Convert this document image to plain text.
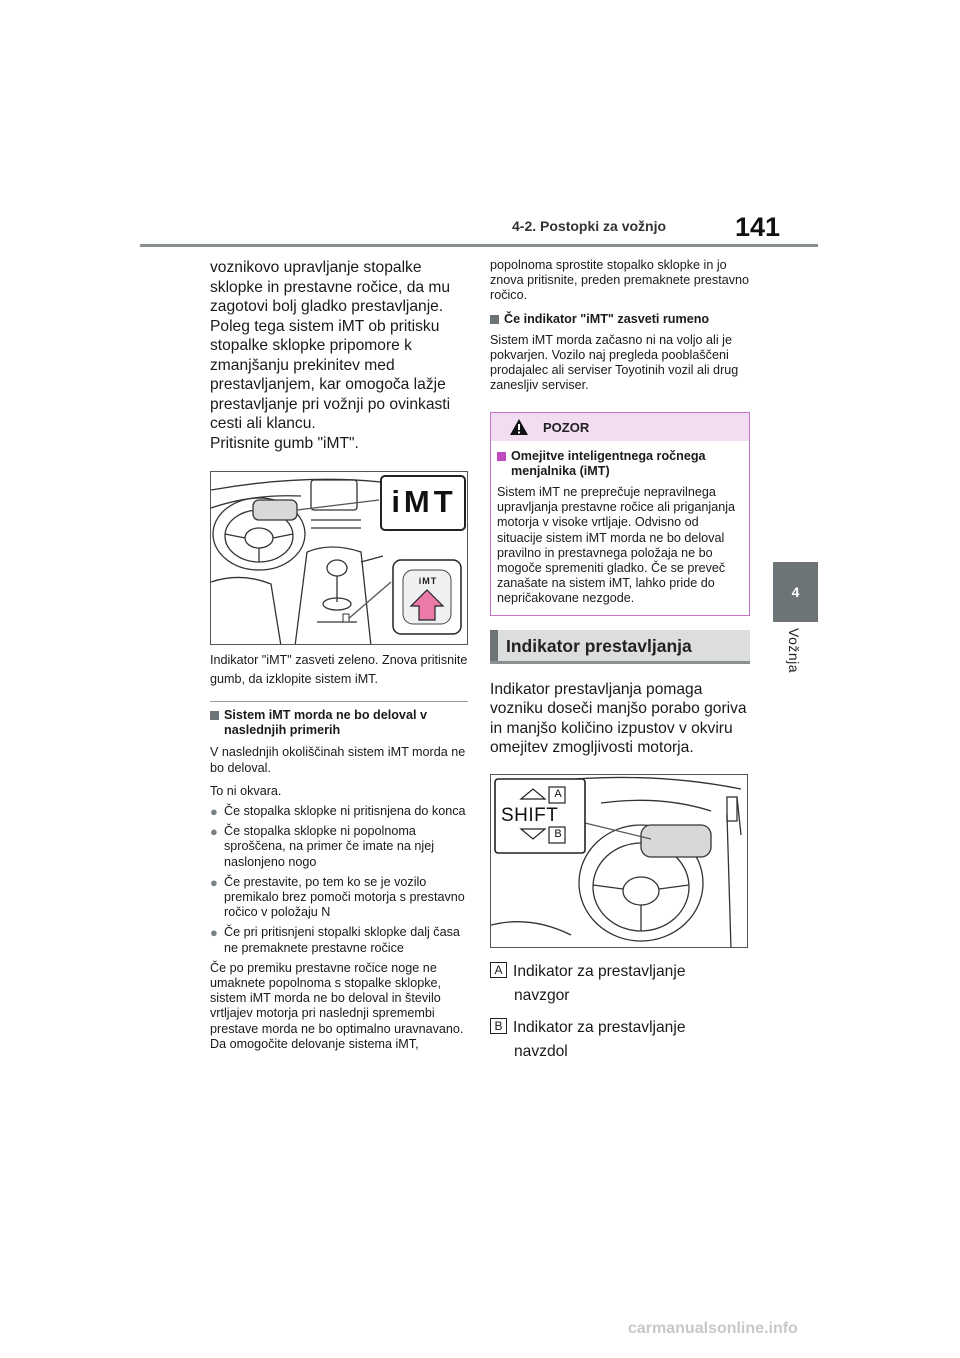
4-2. Postopki za vožnjo	141
4
Vožnja

voznikovo upravljanje stopalke sklopke in prestavne ročice, da mu zagotovi bolj gladko prestavljanje. Poleg tega sistem iMT ob pritisku stopalke sklopke pripomore k zmanjšanju prekinitev med prestavljanjem, kar omogoča lažje prestavljanje pri vožnji po ovinkasti cesti ali klancu.

Pritisnite gumb "iMT".

iMT
iMT

Indikator "iMT" zasveti zeleno. Znova pritisnite gumb, da izklopite sistem iMT.

Sistem iMT morda ne bo deloval v naslednjih primerih

V naslednjih okoliščinah sistem iMT morda ne bo deloval.

To ni okvara.

● Če stopalka sklopke ni pritisnjena do konca
● Če stopalka sklopke ni popolnoma sproščena, na primer če imate na njej naslonjeno nogo
● Če prestavite, po tem ko se je vozilo premikalo brez pomoči motorja s prestavno ročico v položaju N
● Če pri pritisnjeni stopalki sklopke dalj časa ne premaknete prestavne ročice

Če po premiku prestavne ročice noge ne umaknete popolnoma s stopalke sklopke, sistem iMT morda ne bo deloval in število vrtljajev motorja pri naslednji spremembi prestave morda ne bo optimalno uravnavano. Da omogočite delovanje sistema iMT,

popolnoma sprostite stopalko sklopke in jo znova pritisnite, preden premaknete prestavno ročico.

Če indikator "iMT" zasveti rumeno

Sistem iMT morda začasno ni na voljo ali je pokvarjen. Vozilo naj pregleda pooblaščeni prodajalec ali serviser Toyotinih vozil ali drug zanesljiv serviser.

POZOR
Omejitve inteligentnega ročnega menjalnika (iMT)

Sistem iMT ne preprečuje nepravilnega upravljanja prestavne ročice ali priganjanja motorja v visoke vrtljaje. Odvisno od situacije sistem iMT morda ne bo deloval pravilno in prestavnega položaja ne bo mogoče spremeniti gladko. Če se preveč zanašate na sistem iMT, lahko pride do nepričakovane nezgode.

Indikator prestavljanja

Indikator prestavljanja pomaga vozniku doseči manjšo porabo goriva in manjšo količino izpustov v okviru omejitev zmogljivosti motorja.

SHIFT
A
B
A Indikator za prestavljanje
navzgor
B Indikator za prestavljanje
navzdol
carmanualsonline.info
